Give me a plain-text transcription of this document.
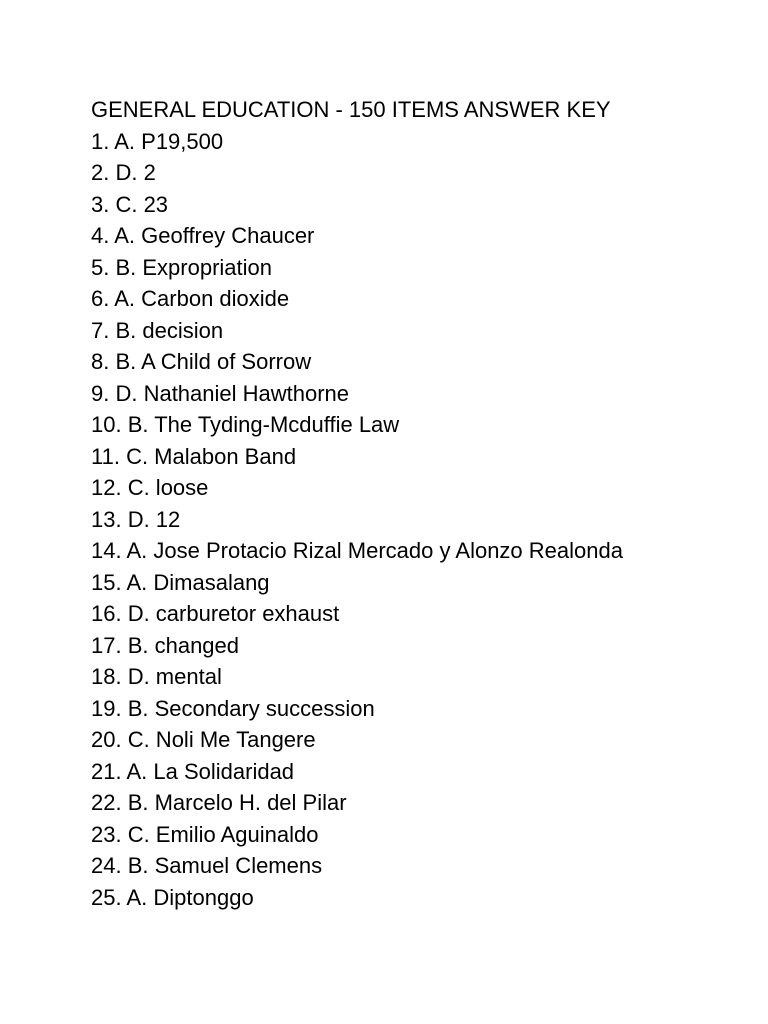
GENERAL EDUCATION - 150 ITEMS ANSWER KEY
1. A. P19,500
2. D. 2
3. C. 23
4. A. Geoffrey Chaucer
5. B. Expropriation
6. A. Carbon dioxide
7. B. decision
8. B. A Child of Sorrow
9. D. Nathaniel Hawthorne
10. B. The Tyding-Mcduffie Law
11. C. Malabon Band
12. C. loose
13. D. 12
14. A. Jose Protacio Rizal Mercado y Alonzo Realonda
15. A. Dimasalang
16. D. carburetor exhaust
17. B. changed
18. D. mental
19. B. Secondary succession
20. C. Noli Me Tangere
21. A. La Solidaridad
22. B. Marcelo H. del Pilar
23. C. Emilio Aguinaldo
24. B. Samuel Clemens
25. A. Diptonggo
